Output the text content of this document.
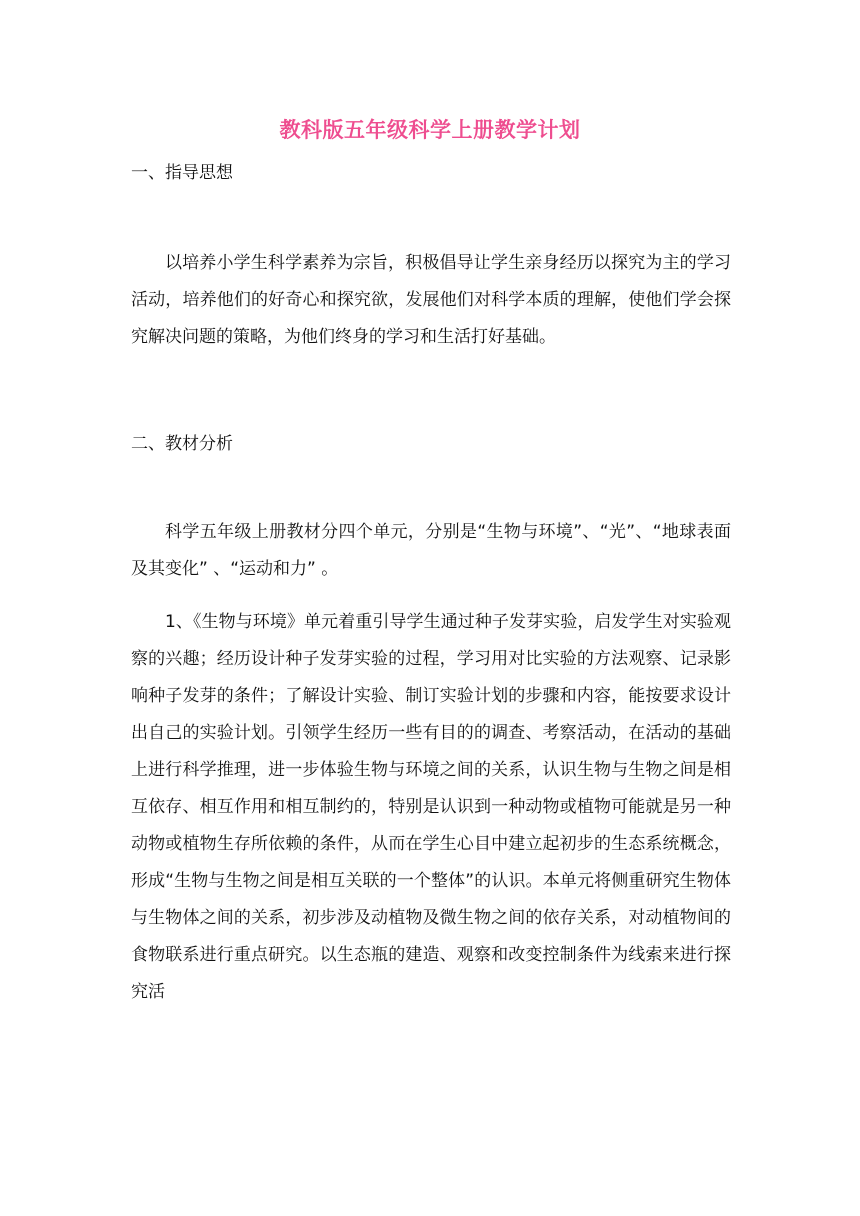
教科版五年级科学上册教学计划
一、指导思想

以培养小学生科学素养为宗旨，积极倡导让学生亲身经历以探究为主的学习活动，培养他们的好奇心和探究欲，发展他们对科学本质的理解，使他们学会探究解决问题的策略，为他们终身的学习和生活打好基础。

二、教材分析

科学五年级上册教材分四个单元，分别是“生物与环境”、“光”、“地球表面及其变化” 、“运动和力” 。

1、《生物与环境》单元着重引导学生通过种子发芽实验，启发学生对实验观察的兴趣；经历设计种子发芽实验的过程，学习用对比实验的方法观察、记录影响种子发芽的条件；了解设计实验、制订实验计划的步骤和内容，能按要求设计出自己的实验计划。引领学生经历一些有目的的调查、考察活动，在活动的基础上进行科学推理，进一步体验生物与环境之间的关系，认识生物与生物之间是相互依存、相互作用和相互制约的，特别是认识到一种动物或植物可能就是另一种动物或植物生存所依赖的条件，从而在学生心目中建立起初步的生态系统概念，形成“生物与生物之间是相互关联的一个整体”的认识。本单元将侧重研究生物体与生物体之间的关系，初步涉及动植物及微生物之间的依存关系，对动植物间的食物联系进行重点研究。以生态瓶的建造、观察和改变控制条件为线索来进行探究活
